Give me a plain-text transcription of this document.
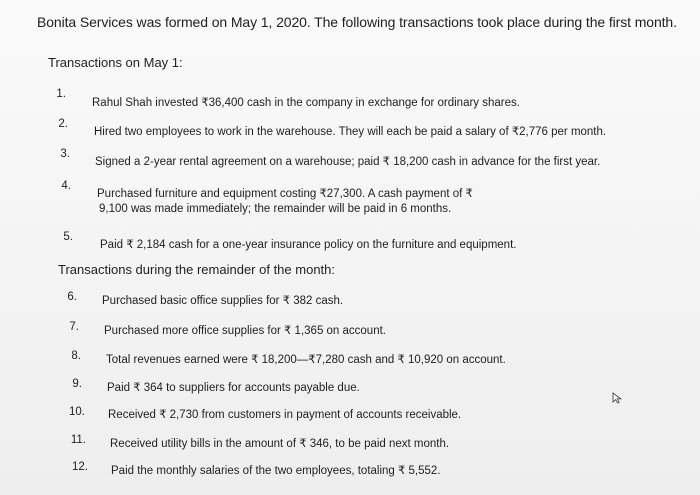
Bonita Services was formed on May 1, 2020. The following transactions took place during the first month.
Transactions on May 1:
1.
Rahul Shah invested ₹36,400 cash in the company in exchange for ordinary shares.
2.
Hired two employees to work in the warehouse. They will each be paid a salary of ₹2,776 per month.
3.
Signed a 2-year rental agreement on a warehouse; paid ₹ 18,200 cash in advance for the first year.
4.
Purchased furniture and equipment costing ₹27,300. A cash payment of ₹
9,100 was made immediately; the remainder will be paid in 6 months.
5.
Paid ₹ 2,184 cash for a one-year insurance policy on the furniture and equipment.
Transactions during the remainder of the month:
6. Purchased basic office supplies for ₹ 382 cash.
7. Purchased more office supplies for ₹ 1,365 on account.
8. Total revenues earned were ₹ 18,200—₹7,280 cash and ₹ 10,920 on account.
9. Paid ₹ 364 to suppliers for accounts payable due.
10. Received ₹ 2,730 from customers in payment of accounts receivable.
11. Received utility bills in the amount of ₹ 346, to be paid next month.
12. Paid the monthly salaries of the two employees, totaling ₹ 5,552.
